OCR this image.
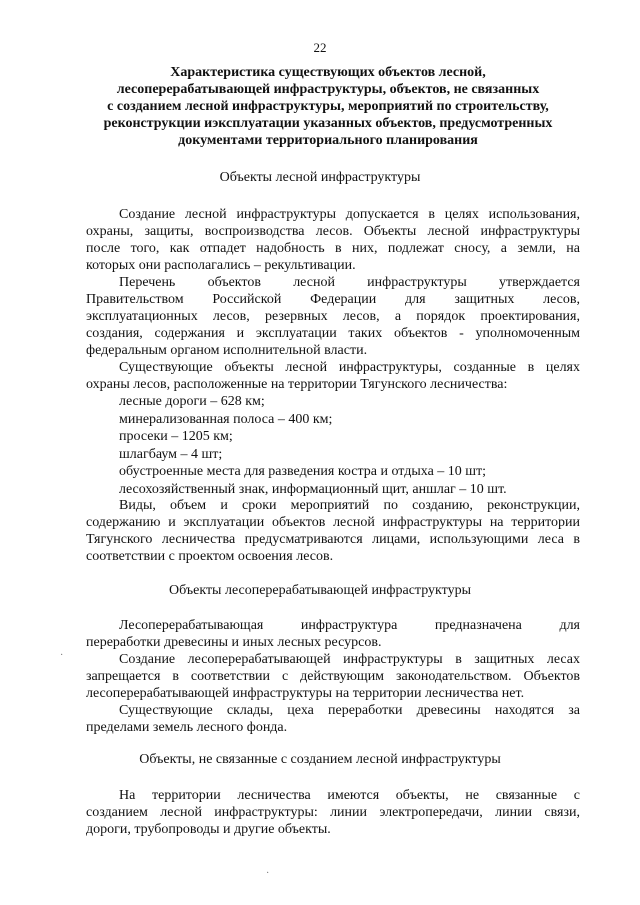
22
Характеристика существующих объектов лесной,
лесоперерабатывающей инфраструктуры, объектов, не связанных
с созданием лесной инфраструктуры, мероприятий по строительству,
реконструкции иэксплуатации указанных объектов, предусмотренных
документами территориального планирования
Объекты лесной инфраструктуры
Создание лесной инфраструктуры допускается в целях использования,
охраны, защиты, воспроизводства лесов. Объекты лесной инфраструктуры
после того, как отпадет надобность в них, подлежат сносу, а земли, на
которых они располагались – рекультивации.
Перечень объектов лесной инфраструктуры утверждается
Правительством Российской Федерации для защитных лесов,
эксплуатационных лесов, резервных лесов, а порядок проектирования,
создания, содержания и эксплуатации таких объектов - уполномоченным
федеральным органом исполнительной власти.
Существующие объекты лесной инфраструктуры, созданные в целях
охраны лесов, расположенные на территории Тягунского лесничества:
лесные дороги – 628 км;
минерализованная полоса – 400 км;
просеки – 1205 км;
шлагбаум – 4 шт;
обустроенные места для разведения костра и отдыха – 10 шт;
лесохозяйственный знак, информационный щит, аншлаг – 10 шт.
Виды, объем и сроки мероприятий по созданию, реконструкции,
содержанию и эксплуатации объектов лесной инфраструктуры на территории
Тягунского лесничества предусматриваются лицами, использующими леса в
соответствии с проектом освоения лесов.
Объекты лесоперерабатывающей инфраструктуры
Лесоперерабатывающая инфраструктура предназначена для
переработки древесины и иных лесных ресурсов.
Создание лесоперерабатывающей инфраструктуры в защитных лесах
запрещается в соответствии с действующим законодательством. Объектов
лесоперерабатывающей инфраструктуры на территории лесничества нет.
Существующие склады, цеха переработки древесины находятся за
пределами земель лесного фонда.
Объекты, не связанные с созданием лесной инфраструктуры
На территории лесничества имеются объекты, не связанные с
созданием лесной инфраструктуры: линии электропередачи, линии связи,
дороги, трубопроводы и другие объекты.
·
·
